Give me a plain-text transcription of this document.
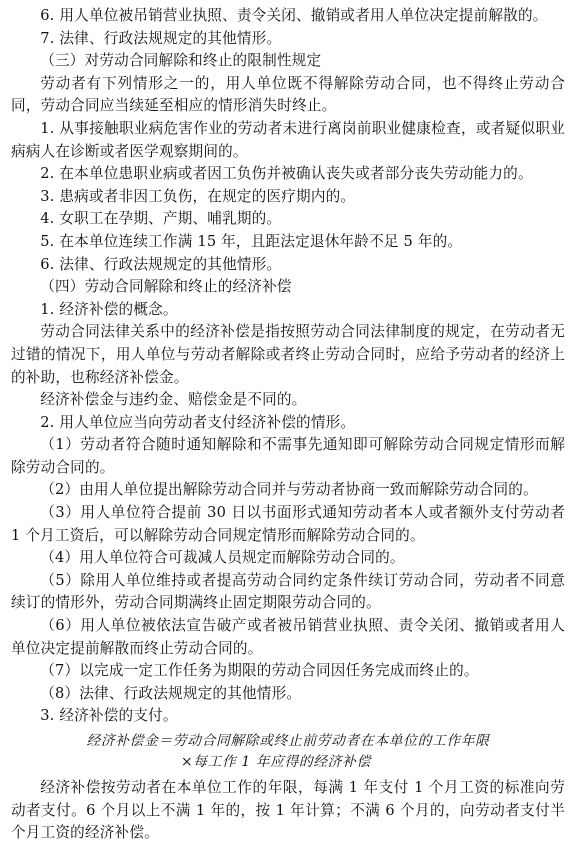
6. 用人单位被吊销营业执照、责令关闭、撤销或者用人单位决定提前解散的。

7. 法律、行政法规规定的其他情形。

（三）对劳动合同解除和终止的限制性规定

劳动者有下列情形之一的，用人单位既不得解除劳动合同，也不得终止劳动合同，劳动合同应当续延至相应的情形消失时终止。

1. 从事接触职业病危害作业的劳动者未进行离岗前职业健康检查，或者疑似职业病病人在诊断或者医学观察期间的。

2. 在本单位患职业病或者因工负伤并被确认丧失或者部分丧失劳动能力的。

3. 患病或者非因工负伤，在规定的医疗期内的。

4. 女职工在孕期、产期、哺乳期的。

5. 在本单位连续工作满 15 年，且距法定退休年龄不足 5 年的。

6. 法律、行政法规规定的其他情形。

（四）劳动合同解除和终止的经济补偿

1. 经济补偿的概念。

劳动合同法律关系中的经济补偿是指按照劳动合同法律制度的规定，在劳动者无过错的情况下，用人单位与劳动者解除或者终止劳动合同时，应给予劳动者的经济上的补助，也称经济补偿金。

经济补偿金与违约金、赔偿金是不同的。

2. 用人单位应当向劳动者支付经济补偿的情形。

（1）劳动者符合随时通知解除和不需事先通知即可解除劳动合同规定情形而解除劳动合同的。

（2）由用人单位提出解除劳动合同并与劳动者协商一致而解除劳动合同的。

（3）用人单位符合提前 30 日以书面形式通知劳动者本人或者额外支付劳动者 1 个月工资后，可以解除劳动合同规定情形而解除劳动合同的。

（4）用人单位符合可裁减人员规定而解除劳动合同的。

（5）除用人单位维持或者提高劳动合同约定条件续订劳动合同，劳动者不同意续订的情形外，劳动合同期满终止固定期限劳动合同的。

（6）用人单位被依法宣告破产或者被吊销营业执照、责令关闭、撤销或者用人单位决定提前解散而终止劳动合同的。

（7）以完成一定工作任务为期限的劳动合同因任务完成而终止的。

（8）法律、行政法规规定的其他情形。

3. 经济补偿的支付。

经济补偿金＝劳动合同解除或终止前劳动者在本单位的工作年限
×每工作 1 年应得的经济补偿

经济补偿按劳动者在本单位工作的年限，每满 1 年支付 1 个月工资的标准向劳动者支付。6 个月以上不满 1 年的，按 1 年计算；不满 6 个月的，向劳动者支付半个月工资的经济补偿。
